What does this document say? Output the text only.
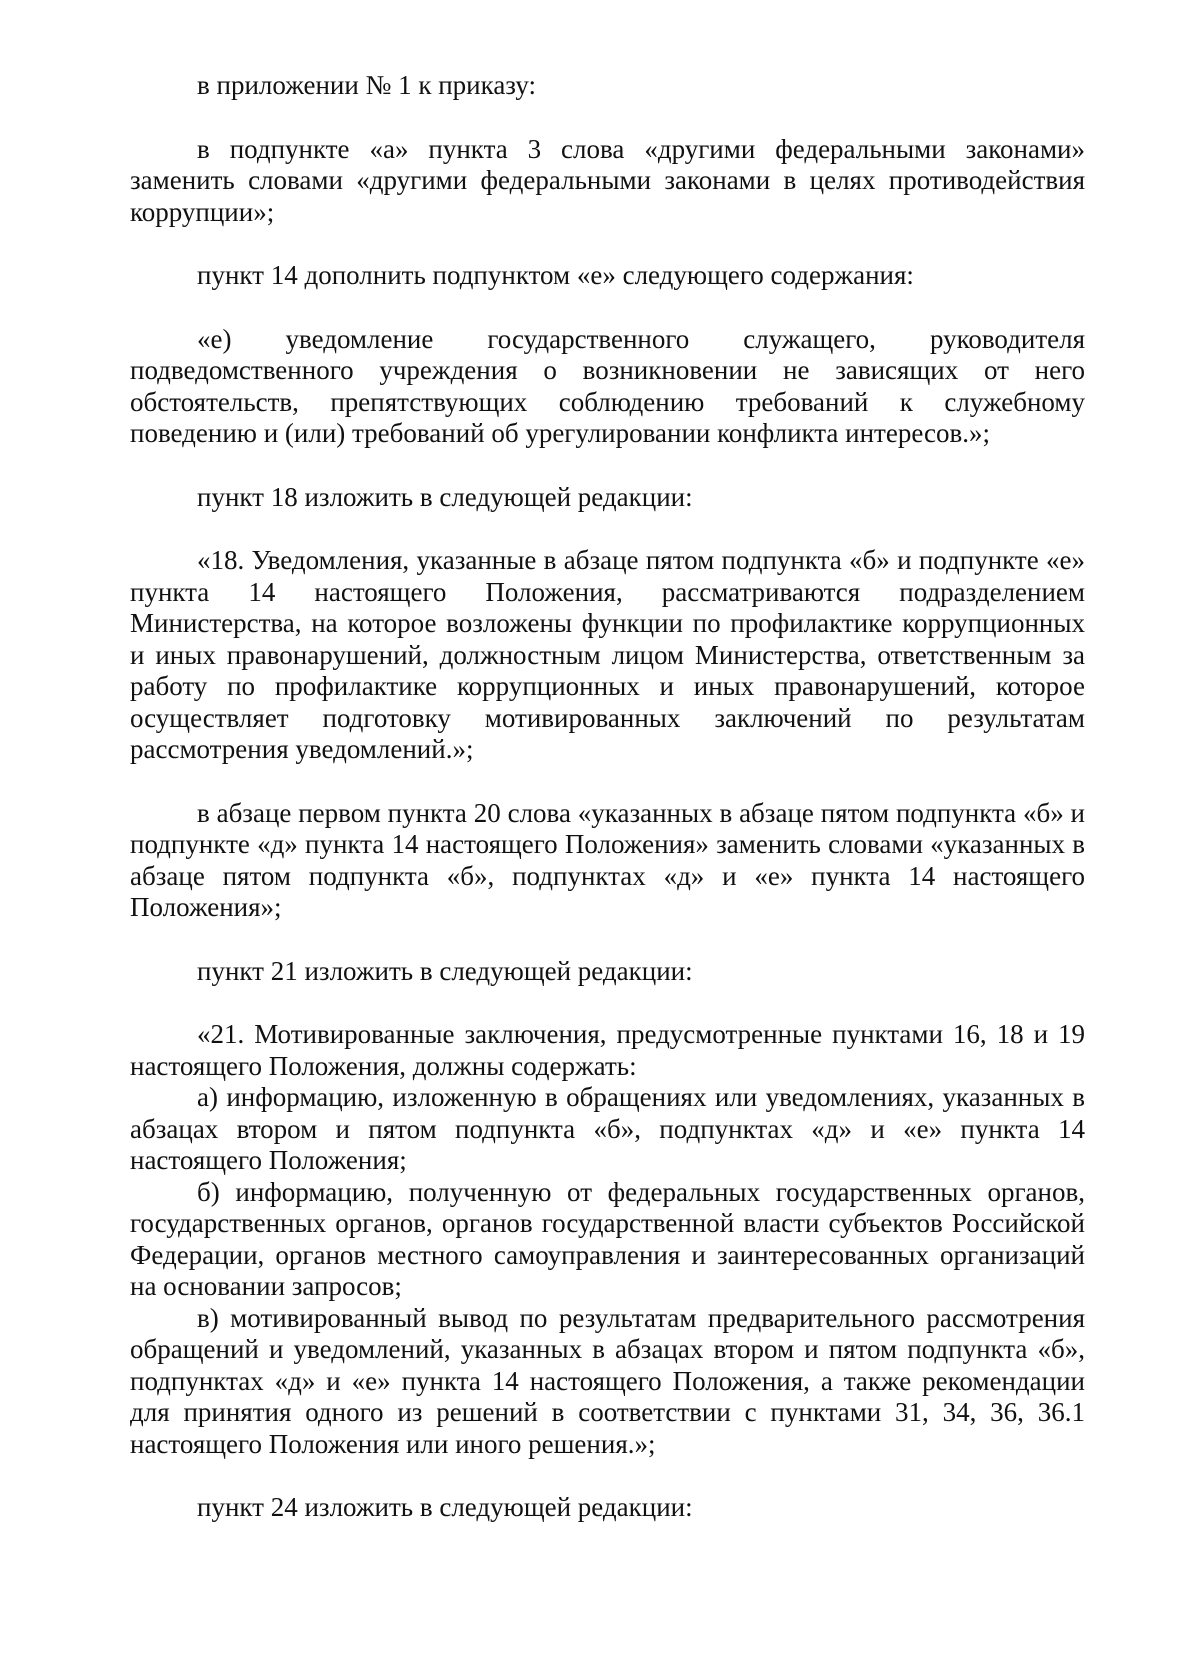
в приложении № 1 к приказу:

в подпункте «а» пункта 3 слова «другими федеральными законами» заменить словами «другими федеральными законами в целях противодействия коррупции»;

пункт 14 дополнить подпунктом «е» следующего содержания:

«е) уведомление государственного служащего, руководителя подведомственного учреждения о возникновении не зависящих от него обстоятельств, препятствующих соблюдению требований к служебному поведению и (или) требований об урегулировании конфликта интересов.»;

пункт 18 изложить в следующей редакции:

«18. Уведомления, указанные в абзаце пятом подпункта «б» и подпункте «е» пункта 14 настоящего Положения, рассматриваются подразделением Министерства, на которое возложены функции по профилактике коррупционных и иных правонарушений, должностным лицом Министерства, ответственным за работу по профилактике коррупционных и иных правонарушений, которое осуществляет подготовку мотивированных заключений по результатам рассмотрения уведомлений.»;

в абзаце первом пункта 20 слова «указанных в абзаце пятом подпункта «б» и подпункте «д» пункта 14 настоящего Положения» заменить словами «указанных в абзаце пятом подпункта «б», подпунктах «д» и «е» пункта 14 настоящего Положения»;

пункт 21 изложить в следующей редакции:

«21. Мотивированные заключения, предусмотренные пунктами 16, 18 и 19 настоящего Положения, должны содержать:

а) информацию, изложенную в обращениях или уведомлениях, указанных в абзацах втором и пятом подпункта «б», подпунктах «д» и «е» пункта 14 настоящего Положения;

б) информацию, полученную от федеральных государственных органов, государственных органов, органов государственной власти субъектов Российской Федерации, органов местного самоуправления и заинтересованных организаций на основании запросов;

в) мотивированный вывод по результатам предварительного рассмотрения обращений и уведомлений, указанных в абзацах втором и пятом подпункта «б», подпунктах «д» и «е» пункта 14 настоящего Положения, а также рекомендации для принятия одного из решений в соответствии с пунктами 31, 34, 36, 36.1 настоящего Положения или иного решения.»;

пункт 24 изложить в следующей редакции:
